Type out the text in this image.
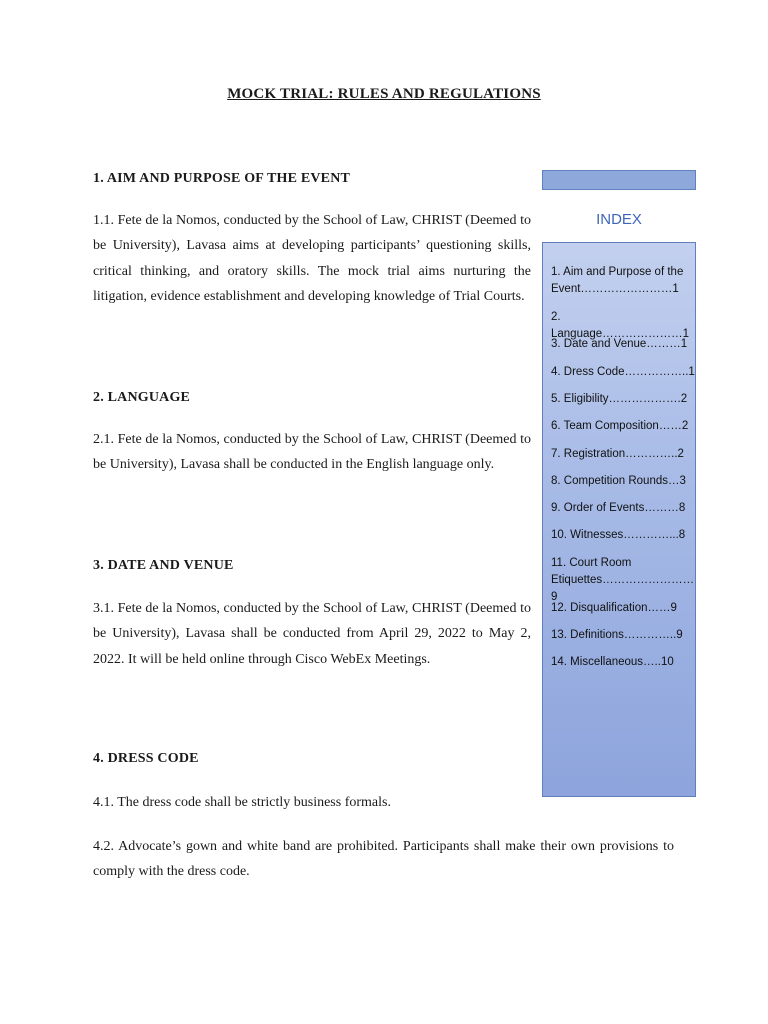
MOCK TRIAL: RULES AND REGULATIONS
1. AIM AND PURPOSE OF THE EVENT

1.1. Fete de la Nomos, conducted by the School of Law, CHRIST (Deemed to be University), Lavasa aims at developing participants’ questioning skills, critical thinking, and oratory skills. The mock trial aims nurturing the litigation, evidence establishment and developing knowledge of Trial Courts.

2. LANGUAGE

2.1. Fete de la Nomos, conducted by the School of Law, CHRIST (Deemed to be University), Lavasa shall be conducted in the English language only.

3. DATE AND VENUE

3.1. Fete de la Nomos, conducted by the School of Law, CHRIST (Deemed to be University), Lavasa shall be conducted from April 29, 2022 to May 2, 2022. It will be held online through Cisco WebEx Meetings.

4. DRESS CODE

4.1. The dress code shall be strictly business formals.

4.2. Advocate’s gown and white band are prohibited. Participants shall make their own provisions to comply with the dress code.

INDEX
1. Aim and Purpose of the Event……………………1
2. Language…………………1
3. Date and Venue………1
4. Dress Code……………..1
5. Eligibility……………….2
6. Team Composition……2
7. Registration…………..2
8. Competition Rounds…3
9. Order of Events………8
10. Witnesses…………...8
11. Court Room Etiquettes……………………9
12. Disqualification……9
13. Definitions…………..9
14. Miscellaneous…..10
